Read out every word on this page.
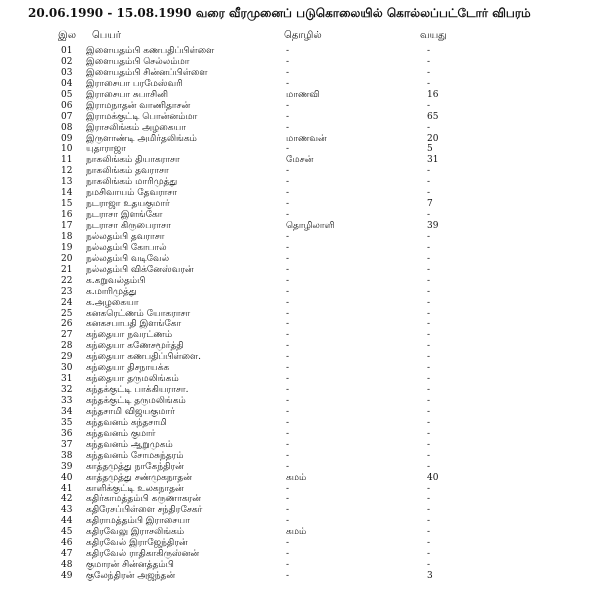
20.06.1990 - 15.08.1990 வரை வீரமுனைப் படுகொலையில் கொல்லப்பட்டோர் விபரம்
இல பெயர்	தொழில்	வயது
01 இளையதம்பி கணபதிப்பிள்ளை	-	-
02 இளையதம்பி செல்லம்மா	-	-
03 இளையதம்பி சின்னப்பிள்ளை	-	-
04 இராசையா பரமேஸ்வரி	-	-
05 இராசையா சுபாசினி	மாணவி	16
06 இராமநாதன் வாணிதாசன்	-	-
07 இராமக்குட்டி பொன்னம்மா	-	65
08 இராசலிங்கம் அழகையா	-	-
09 இருளாண்டி அமிர்தலிங்கம்	மாணவன்	20
10 யுதாராஜா	-	5
11 நாகலிங்கம் தியாகராசா	மேசன்	31
12 நாகலிங்கம் தவராசா	-	-
13 நாகலிங்கம் மாரிமுத்து	-	-
14 நமசிவாயம் தேவராசா	-	-
15 நடராஜா உதயகுமார்	-	7
16 நடராசா இளங்கோ	-	-
17 நடராசா கிருபைராசா	தொழிலாளி	39
18 நல்லதம்பி தவராசா	-	-
19 நல்லதம்பி கோபால்	-	-
20 நல்லதம்பி வடிவேல்	-	-
21 நல்லதம்பி விக்னேஸ்வரன்	-	-
22 க.கறுவல்தம்பி	-	-
23 க.மாரிமுத்து	-	-
24 க.அழகையா	-	-
25 கனகரெட்ணம் யோகராசா	-	-
26 கனகசபாபதி இளங்கோ	-	-
27 கந்தையா நவரட்ணம்	-	-
28 கந்தையா கணேசமூர்த்தி	-	-
29 கந்தையா கணபதிப்பிள்ளை.	-	-
30 கந்தையா திசநாயக்க	-	-
31 கந்தையா தருமலிங்கம்	-	-
32 கந்தக்குட்டி பாக்கியராசா.	-	-
33 கந்தக்குட்டி தருமலிங்கம்	-	-
34 கந்தசாமி விஜயகுமார்	-	-
35 கந்தவனம் கந்தசாமி	-	-
36 கந்தவனம் குமார்	-	-
37 கந்தவனம் ஆறுமுகம்	-	-
38 கந்தவனம் சோமசுந்தரம்	-	-
39 காத்தமுத்து நாகேந்திரன்	-	-
40 காத்தமுத்து சண்முகநாதன்	கமம்	40
41 காளிக்குட்டி உலகநாதன்	-	-
42 கதிர்காமத்தம்பி கருணாகரன்	-	-
43 கதிரேசப்பிள்ளை சந்திரசேகர்	-	-
44 கதிராமத்தம்பி இராசையா	-	-
45 கதிரவேலு இராசலிங்கம்	கமம்	-
46 கதிரவேல் இராஜேந்திரன்	-	-
47 கதிரவேல் ராதிகாகிருஸ்னன்	-	-
48 குமாரன் சின்னத்தம்பி	-	-
49 குலேந்திரன் அஜந்தன்	-	3
